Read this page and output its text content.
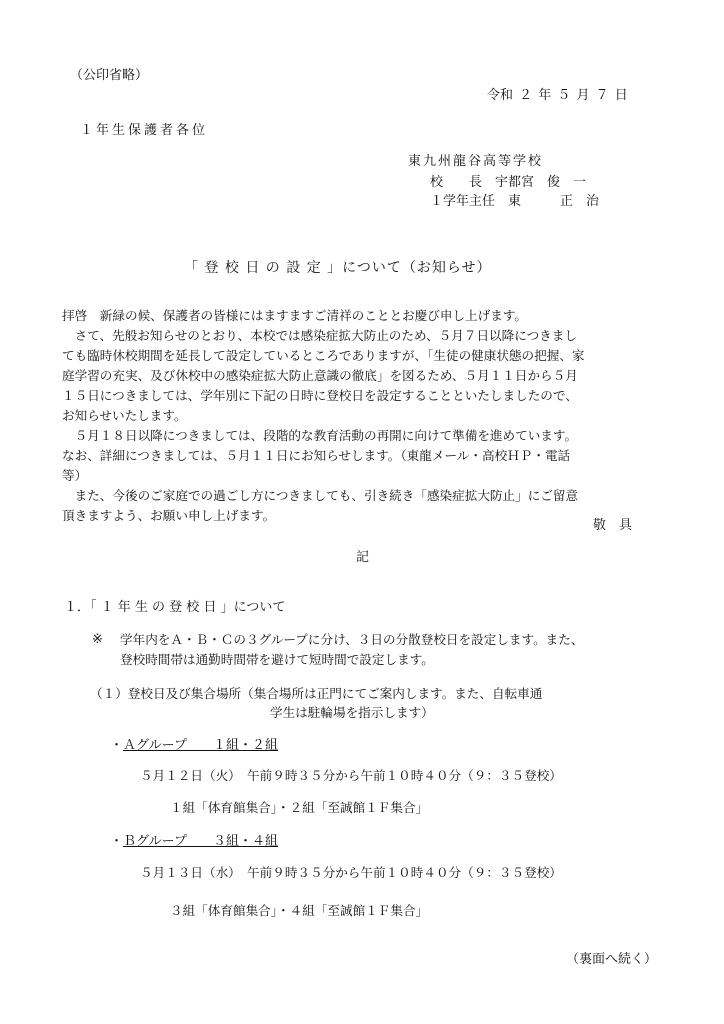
（公印省略）
令和 ２ 年 ５ 月 ７ 日
１年生保護者各位
東九州龍谷高等学校
校　　長　宇都宮　俊　一
１学年主任　東　　　正　治
「 登 校 日 の 設 定 」について（お知らせ）
拝啓　新緑の候、保護者の皆様にはますますご清祥のこととお慶び申し上げます。
　さて、先般お知らせのとおり、本校では感染症拡大防止のため、５月７日以降につきまし
ても臨時休校期間を延長して設定しているところでありますが、「生徒の健康状態の把握、家
庭学習の充実、及び休校中の感染症拡大防止意識の徹底」を図るため、５月１１日から５月
１５日につきましては、学年別に下記の日時に登校日を設定することといたしましたので、
お知らせいたします。
　５月１８日以降につきましては、段階的な教育活動の再開に向けて準備を進めています。
なお、詳細につきましては、５月１１日にお知らせします。（東龍メール・高校ＨＰ・電話
等）
　また、今後のご家庭での過ごし方につきましても、引き続き「感染症拡大防止」にご留意
頂きますよう、お願い申し上げます。
敬　具
記
１．「 １ 年 生 の 登 校 日 」について
※ 学年内をＡ・Ｂ・Ｃの３グループに分け、３日の分散登校日を設定します。また、
登校時間帯は通勤時間帯を避けて短時間で設定します。
（１）登校日及び集合場所（集合場所は正門にてご案内します。また、自転車通
学生は駐輪場を指示します）
・Ａグループ　　１組・２組
５月１２日（火）　午前９時３５分から午前１０時４０分（９：３５登校）
１組「体育館集合」・２組「至誠館１Ｆ集合」
・Ｂグループ　　３組・４組
５月１３日（水）　午前９時３５分から午前１０時４０分（９：３５登校）
３組「体育館集合」・４組「至誠館１Ｆ集合」
（裏面へ続く）
